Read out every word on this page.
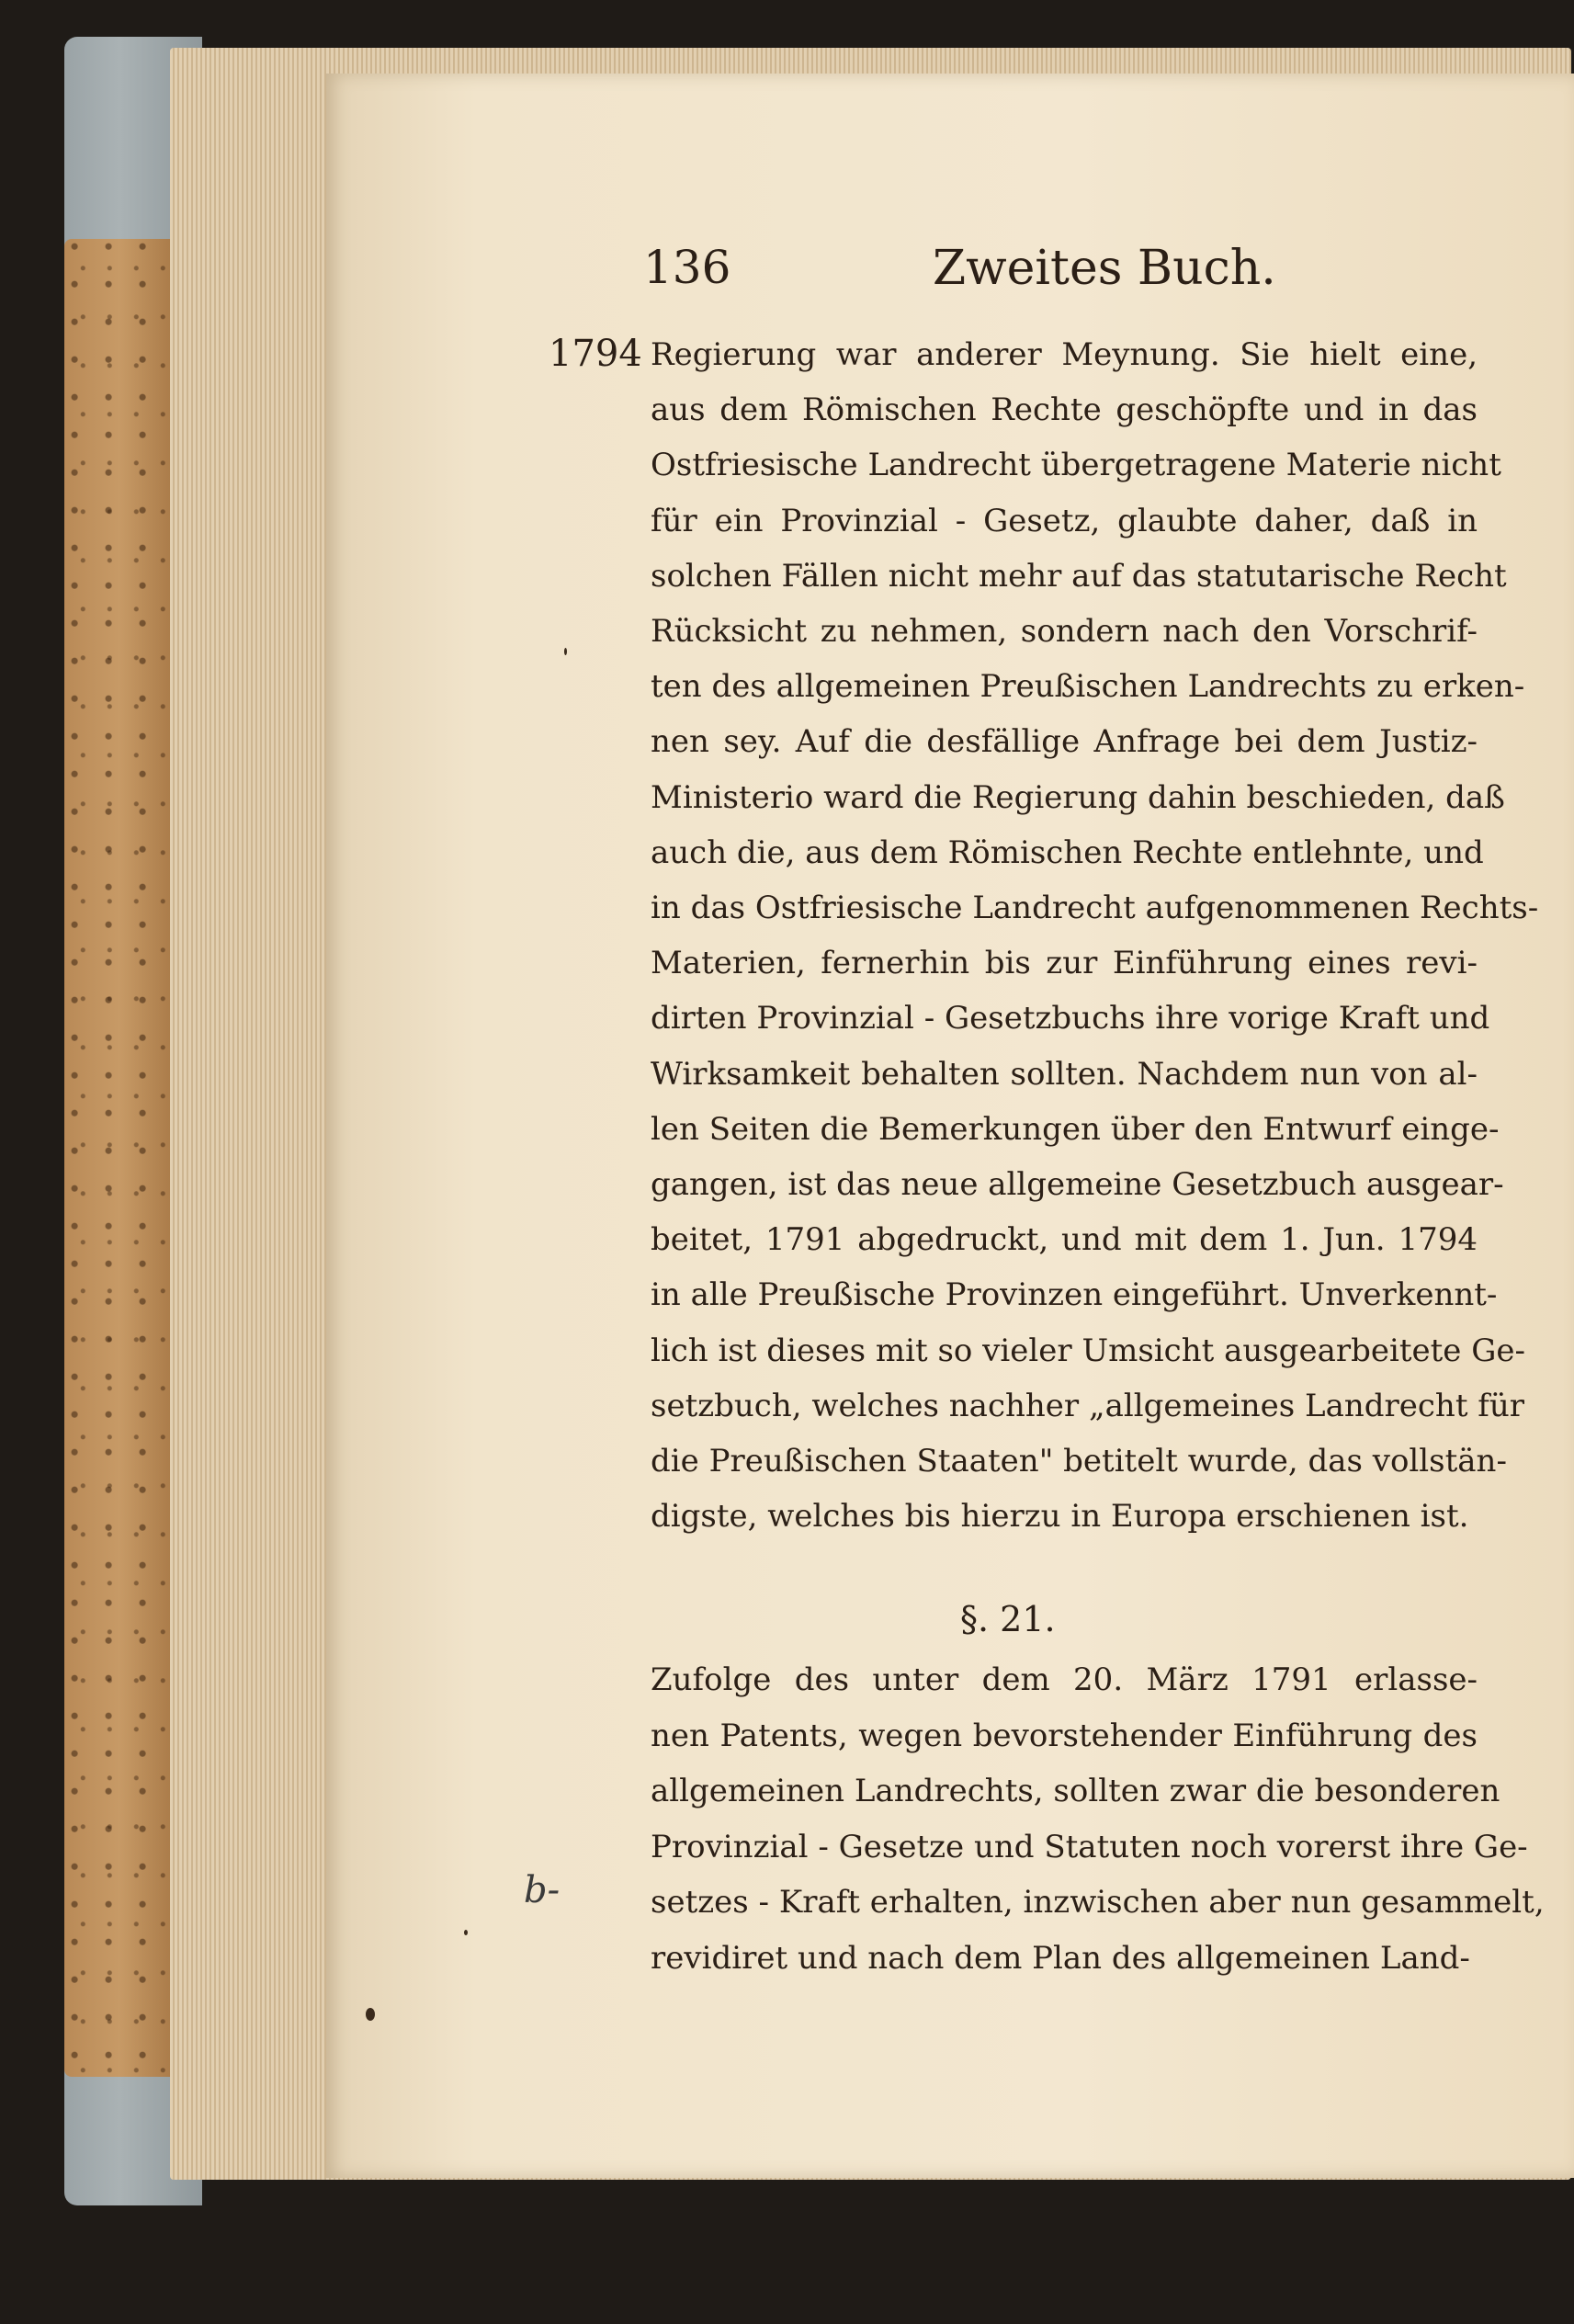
136	Zweites Buch.
1794 Regierung war anderer Meynung. Sie hielt eine,
aus dem Römischen Rechte geschöpfte und in das
Ostfriesische Landrecht übergetragene Materie nicht
für ein Provinzial - Gesetz, glaubte daher, daß in
solchen Fällen nicht mehr auf das statutarische Recht
Rücksicht zu nehmen, sondern nach den Vorschrif-
ten des allgemeinen Preußischen Landrechts zu erken-
nen sey. Auf die desfällige Anfrage bei dem Justiz-
Ministerio ward die Regierung dahin beschieden, daß
auch die, aus dem Römischen Rechte entlehnte, und
in das Ostfriesische Landrecht aufgenommenen Rechts-
Materien, fernerhin bis zur Einführung eines revi-
dirten Provinzial - Gesetzbuchs ihre vorige Kraft und
Wirksamkeit behalten sollten. Nachdem nun von al-
len Seiten die Bemerkungen über den Entwurf einge-
gangen, ist das neue allgemeine Gesetzbuch ausgear-
beitet, 1791 abgedruckt, und mit dem 1. Jun. 1794
in alle Preußische Provinzen eingeführt. Unverkennt-
lich ist dieses mit so vieler Umsicht ausgearbeitete Ge-
setzbuch, welches nachher „allgemeines Landrecht für
die Preußischen Staaten" betitelt wurde, das vollstän-
digste, welches bis hierzu in Europa erschienen ist.
§. 21.
Zufolge des unter dem 20. März 1791 erlasse-
nen Patents, wegen bevorstehender Einführung des
allgemeinen Landrechts, sollten zwar die besonderen
Provinzial - Gesetze und Statuten noch vorerst ihre Ge-
setzes - Kraft erhalten, inzwischen aber nun gesammelt,
revidiret und nach dem Plan des allgemeinen Land-
b-
